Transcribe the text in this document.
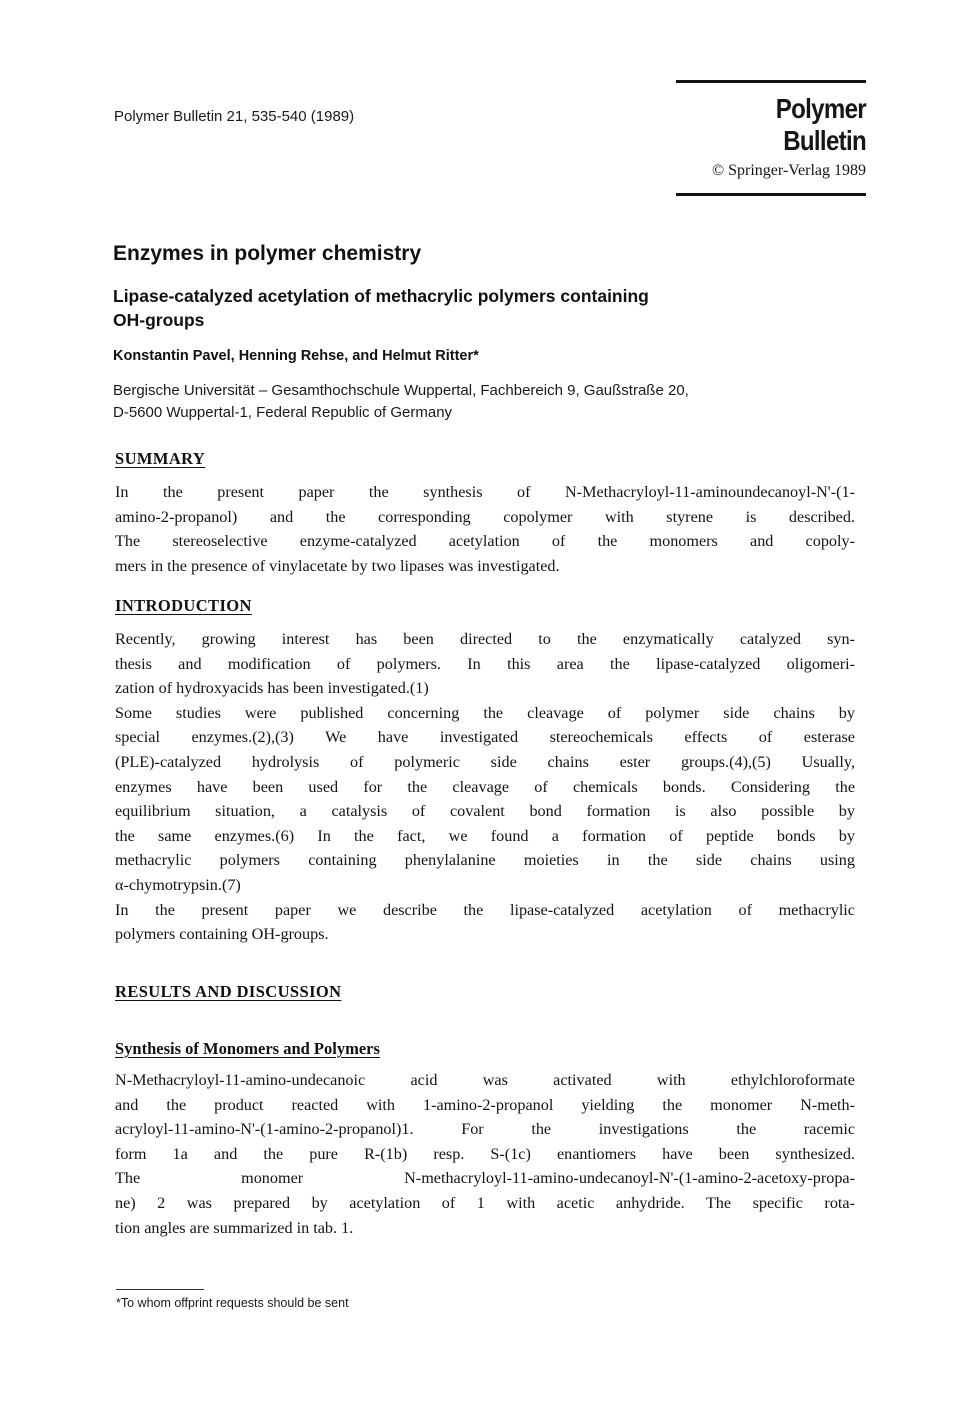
Polymer Bulletin 21, 535-540 (1989)	Polymer Bulletin
© Springer-Verlag 1989
Enzymes in polymer chemistry
Lipase-catalyzed acetylation of methacrylic polymers containing
OH-groups
Konstantin Pavel, Henning Rehse, and Helmut Ritter*
Bergische Universität – Gesamthochschule Wuppertal, Fachbereich 9, Gaußstraße 20,
D-5600 Wuppertal-1, Federal Republic of Germany
SUMMARY
In the present paper the synthesis of N-Methacryloyl-11-aminoundecanoyl-N'-(1-
amino-2-propanol) and the corresponding copolymer with styrene is described.
The stereoselective enzyme-catalyzed acetylation of the monomers and copoly-
mers in the presence of vinylacetate by two lipases was investigated.
INTRODUCTION
Recently, growing interest has been directed to the enzymatically catalyzed syn-
thesis and modification of polymers. In this area the lipase-catalyzed oligomeri-
zation of hydroxyacids has been investigated.(1)
Some studies were published concerning the cleavage of polymer side chains by
special enzymes.(2),(3) We have investigated stereochemicals effects of esterase
(PLE)-catalyzed hydrolysis of polymeric side chains ester groups.(4),(5) Usually,
enzymes have been used for the cleavage of chemicals bonds. Considering the
equilibrium situation, a catalysis of covalent bond formation is also possible by
the same enzymes.(6) In the fact, we found a formation of peptide bonds by
methacrylic polymers containing phenylalanine moieties in the side chains using
α-chymotrypsin.(7)
In the present paper we describe the lipase-catalyzed acetylation of methacrylic
polymers containing OH-groups.
RESULTS AND DISCUSSION
Synthesis of Monomers and Polymers
N-Methacryloyl-11-amino-undecanoic acid was activated with ethylchloroformate
and the product reacted with 1-amino-2-propanol yielding the monomer N-meth-
acryloyl-11-amino-N'-(1-amino-2-propanol)1. For the investigations the racemic
form 1a and the pure R-(1b) resp. S-(1c) enantiomers have been synthesized.
The monomer N-methacryloyl-11-amino-undecanoyl-N'-(1-amino-2-acetoxy-propa-
ne) 2 was prepared by acetylation of 1 with acetic anhydride. The specific rota-
tion angles are summarized in tab. 1.
*To whom offprint requests should be sent
